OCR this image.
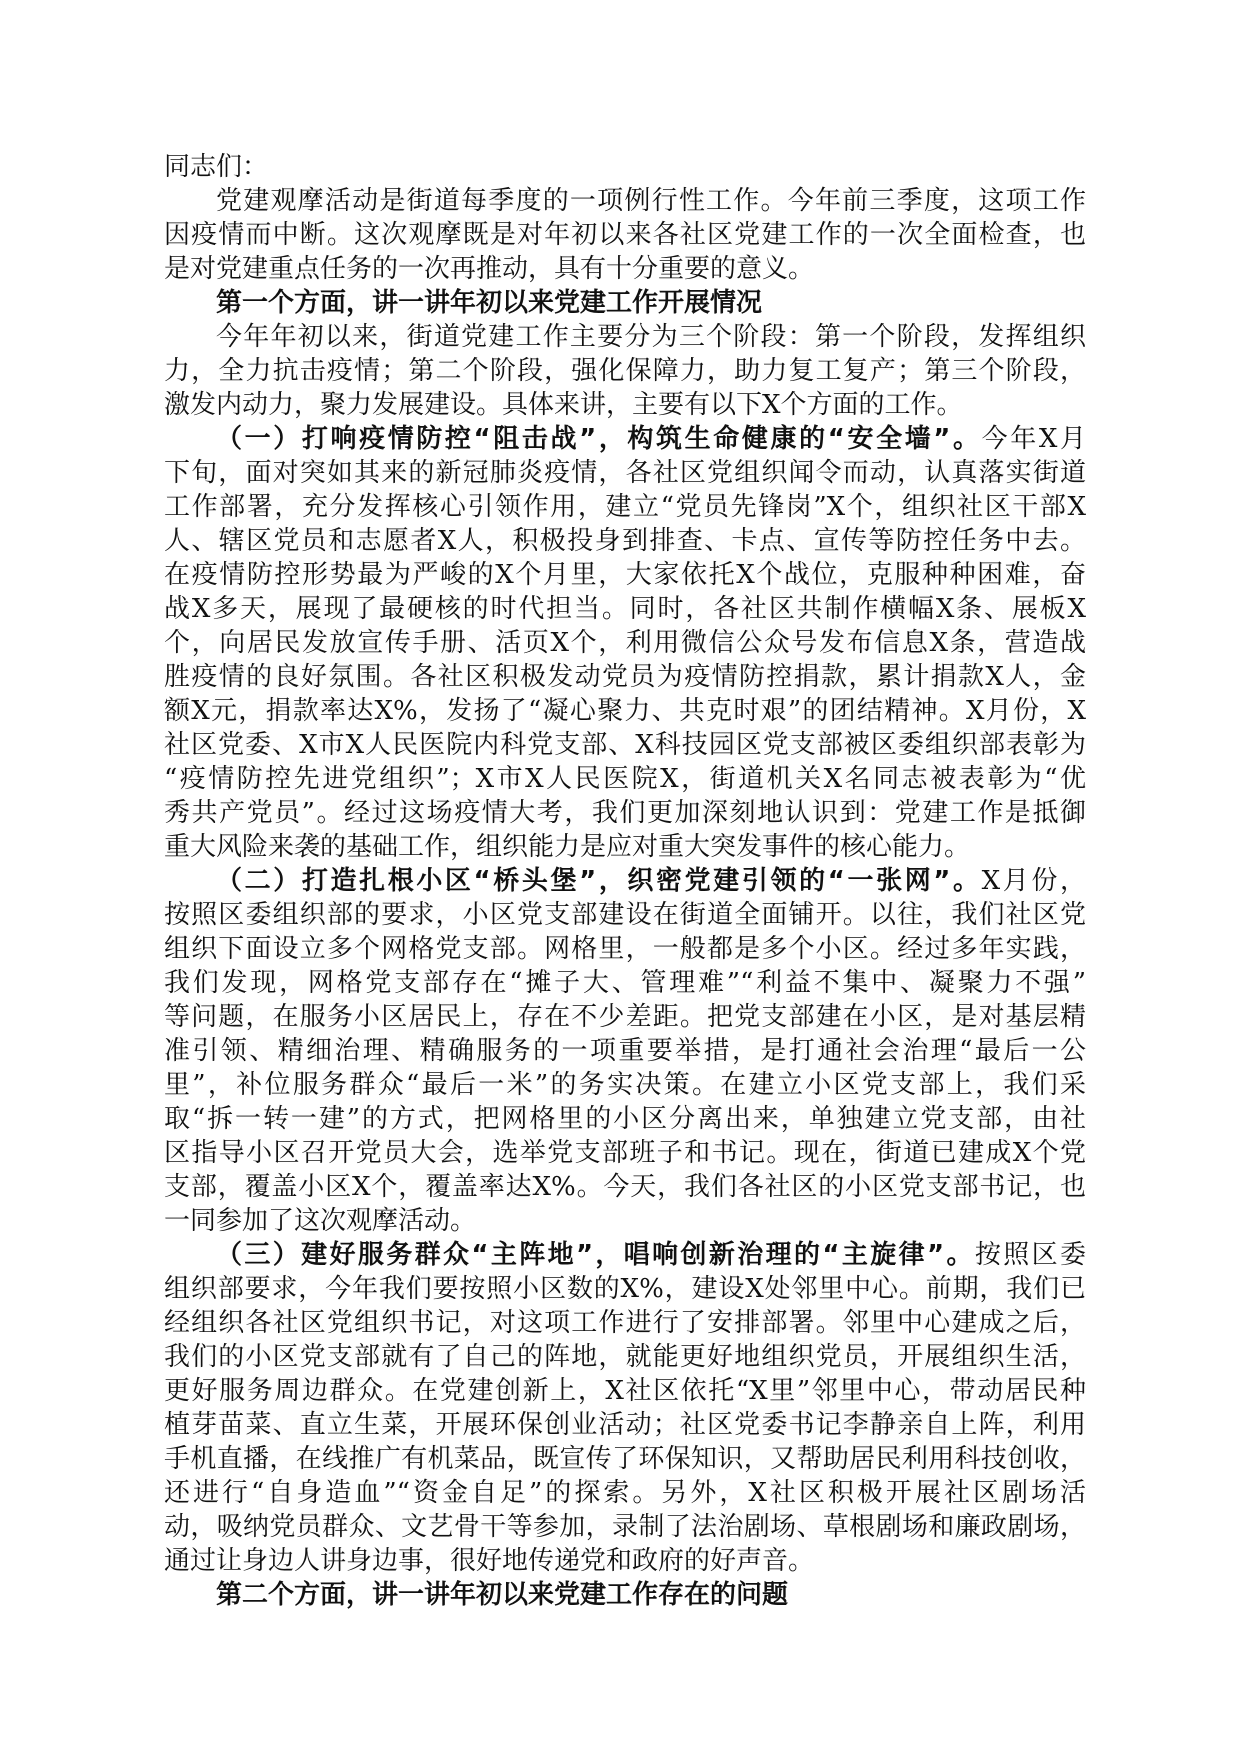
同志们：
党建观摩活动是街道每季度的一项例行性工作。今年前三季度，这项工作
因疫情而中断。这次观摩既是对年初以来各社区党建工作的一次全面检查，也
是对党建重点任务的一次再推动，具有十分重要的意义。
第一个方面，讲一讲年初以来党建工作开展情况
今年年初以来，街道党建工作主要分为三个阶段：第一个阶段，发挥组织
力，全力抗击疫情；第二个阶段，强化保障力，助力复工复产；第三个阶段，
激发内动力，聚力发展建设。具体来讲，主要有以下X个方面的工作。
（一）打响疫情防控“阻击战”，构筑生命健康的“安全墙”。今年X月
下旬，面对突如其来的新冠肺炎疫情，各社区党组织闻令而动，认真落实街道
工作部署，充分发挥核心引领作用，建立“党员先锋岗”X个，组织社区干部X
人、辖区党员和志愿者X人，积极投身到排查、卡点、宣传等防控任务中去。
在疫情防控形势最为严峻的X个月里，大家依托X个战位，克服种种困难，奋
战X多天，展现了最硬核的时代担当。同时，各社区共制作横幅X条、展板X
个，向居民发放宣传手册、活页X个，利用微信公众号发布信息X条，营造战
胜疫情的良好氛围。各社区积极发动党员为疫情防控捐款，累计捐款X人，金
额X元，捐款率达X%，发扬了“凝心聚力、共克时艰”的团结精神。X月份，X
社区党委、X市X人民医院内科党支部、X科技园区党支部被区委组织部表彰为
“疫情防控先进党组织”；X市X人民医院X，街道机关X名同志被表彰为“优
秀共产党员”。经过这场疫情大考，我们更加深刻地认识到：党建工作是抵御
重大风险来袭的基础工作，组织能力是应对重大突发事件的核心能力。
（二）打造扎根小区“桥头堡”，织密党建引领的“一张网”。X月份，
按照区委组织部的要求，小区党支部建设在街道全面铺开。以往，我们社区党
组织下面设立多个网格党支部。网格里，一般都是多个小区。经过多年实践，
我们发现，网格党支部存在“摊子大、管理难”“利益不集中、凝聚力不强”
等问题，在服务小区居民上，存在不少差距。把党支部建在小区，是对基层精
准引领、精细治理、精确服务的一项重要举措，是打通社会治理“最后一公
里”，补位服务群众“最后一米”的务实决策。在建立小区党支部上，我们采
取“拆一转一建”的方式，把网格里的小区分离出来，单独建立党支部，由社
区指导小区召开党员大会，选举党支部班子和书记。现在，街道已建成X个党
支部，覆盖小区X个，覆盖率达X%。今天，我们各社区的小区党支部书记，也
一同参加了这次观摩活动。
（三）建好服务群众“主阵地”，唱响创新治理的“主旋律”。按照区委
组织部要求，今年我们要按照小区数的X%，建设X处邻里中心。前期，我们已
经组织各社区党组织书记，对这项工作进行了安排部署。邻里中心建成之后，
我们的小区党支部就有了自己的阵地，就能更好地组织党员，开展组织生活，
更好服务周边群众。在党建创新上，X社区依托“X里”邻里中心，带动居民种
植芽苗菜、直立生菜，开展环保创业活动；社区党委书记李静亲自上阵，利用
手机直播，在线推广有机菜品，既宣传了环保知识，又帮助居民利用科技创收，
还进行“自身造血”“资金自足”的探索。另外，X社区积极开展社区剧场活
动，吸纳党员群众、文艺骨干等参加，录制了法治剧场、草根剧场和廉政剧场，
通过让身边人讲身边事，很好地传递党和政府的好声音。
第二个方面，讲一讲年初以来党建工作存在的问题
